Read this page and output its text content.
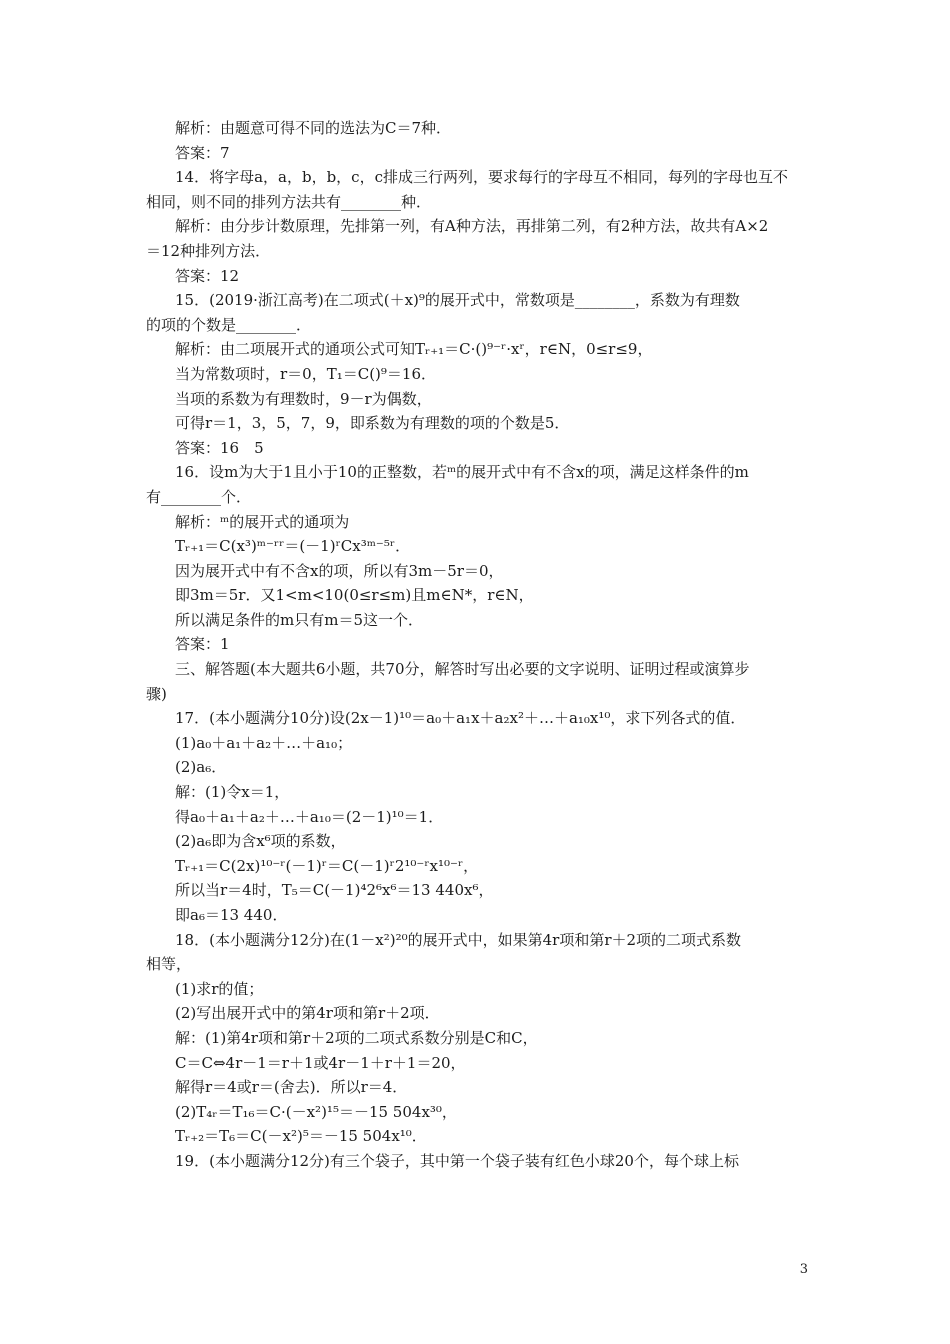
解析：由题意可得不同的选法为C＝7种．
答案：7
14．将字母a，a，b，b，c，c排成三行两列，要求每行的字母互不相同，每列的字母也互不
相同，则不同的排列方法共有________种．
解析：由分步计数原理，先排第一列，有A种方法，再排第二列，有2种方法，故共有A×2
＝12种排列方法．
答案：12
15．(2019·浙江高考)在二项式(＋x)⁹的展开式中，常数项是________，系数为有理数
的项的个数是________．
解析：由二项展开式的通项公式可知Tᵣ₊₁＝C·()⁹⁻ʳ·xʳ，r∈N，0≤r≤9，
当为常数项时，r＝0，T₁＝C()⁹＝16．
当项的系数为有理数时，9－r为偶数，
可得r＝1，3，5，7，9，即系数为有理数的项的个数是5．
答案：16　5
16．设m为大于1且小于10的正整数，若ᵐ的展开式中有不含x的项，满足这样条件的m
有________个．
解析：ᵐ的展开式的通项为
Tᵣ₊₁＝C(x³)ᵐ⁻ʳʳ＝(－1)ʳCx³ᵐ⁻⁵ʳ．
因为展开式中有不含x的项，所以有3m－5r＝0，
即3m＝5r．又1<m<10(0≤r≤m)且m∈N*，r∈N，
所以满足条件的m只有m＝5这一个．
答案：1
三、解答题(本大题共6小题，共70分，解答时写出必要的文字说明、证明过程或演算步
骤)
17．(本小题满分10分)设(2x－1)¹⁰＝a₀＋a₁x＋a₂x²＋…＋a₁₀x¹⁰，求下列各式的值．
(1)a₀＋a₁＋a₂＋…＋a₁₀；
(2)a₆．
解：(1)令x＝1，
得a₀＋a₁＋a₂＋…＋a₁₀＝(2－1)¹⁰＝1．
(2)a₆即为含x⁶项的系数，
Tᵣ₊₁＝C(2x)¹⁰⁻ʳ(－1)ʳ＝C(－1)ʳ2¹⁰⁻ʳx¹⁰⁻ʳ，
所以当r＝4时，T₅＝C(－1)⁴2⁶x⁶＝13 440x⁶，
即a₆＝13 440．
18．(本小题满分12分)在(1－x²)²⁰的展开式中，如果第4r项和第r＋2项的二项式系数
相等，
(1)求r的值；
(2)写出展开式中的第4r项和第r＋2项．
解：(1)第4r项和第r＋2项的二项式系数分别是C和C，
C＝C⇔4r－1＝r＋1或4r－1＋r＋1＝20，
解得r＝4或r＝(舍去)．所以r＝4．
(2)T₄ᵣ＝T₁₆＝C·(－x²)¹⁵＝－15 504x³⁰，
Tᵣ₊₂＝T₆＝C(－x²)⁵＝－15 504x¹⁰．
19．(本小题满分12分)有三个袋子，其中第一个袋子装有红色小球20个，每个球上标
3
